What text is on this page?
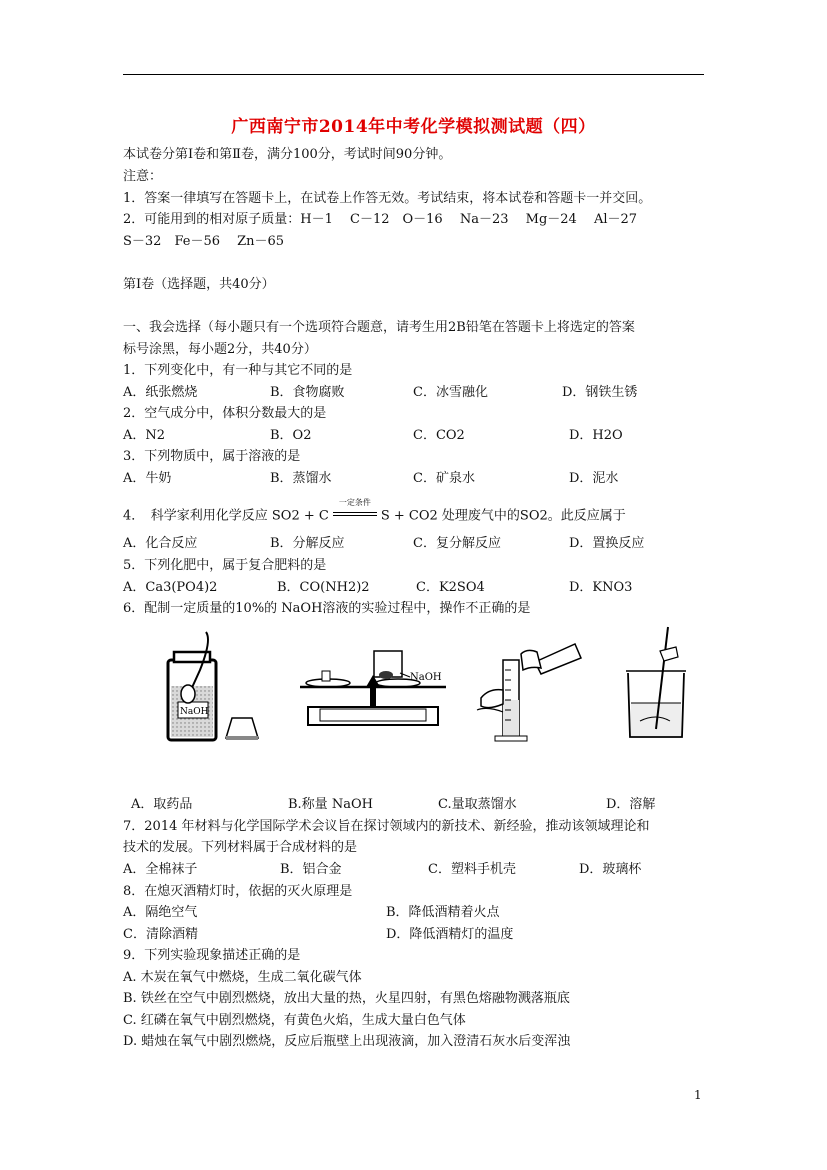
广西南宁市2014年中考化学模拟测试题（四）
本试卷分第Ⅰ卷和第Ⅱ卷，满分100分，考试时间90分钟。
注意：
1．答案一律填写在答题卡上，在试卷上作答无效。考试结束，将本试卷和答题卡一并交回。
2．可能用到的相对原子质量：H－1　 C－12　O－16　 Na－23　 Mg－24　 Al－27
S－32　Fe－56　 Zn－65
第Ⅰ卷（选择题，共40分）
一、我会选择（每小题只有一个选项符合题意，请考生用2B铅笔在答题卡上将选定的答案
标号涂黑，每小题2分，共40分）
1．下列变化中，有一种与其它不同的是
A．纸张燃烧	B．食物腐败	C．冰雪融化	D．钢铁生锈
2．空气成分中，体积分数最大的是
A．N2	B．O2	C．CO2	D．H2O
3．下列物质中，属于溶液的是
A．牛奶	B．蒸馏水	C．矿泉水	D．泥水
4．　科学家利用化学反应 SO2 + C
一定条件
S + CO2 处理废气中的SO2。此反应属于
A．化合反应	B．分解反应	C．复分解反应	D．置换反应
5．下列化肥中，属于复合肥料的是
A．Ca3(PO4)2	B．CO(NH2)2	C．K2SO4	D．KNO3
6．配制一定质量的10%的 NaOH溶液的实验过程中，操作不正确的是
NaOH
NaOH
A．取药品	B.称量 NaOH	C.量取蒸馏水	D．溶解
7．2014 年材料与化学国际学术会议旨在探讨领域内的新技术、新经验，推动该领域理论和
技术的发展。下列材料属于合成材料的是
A．全棉袜子	B．铝合金	C．塑料手机壳	D．玻璃杯
8．在熄灭酒精灯时，依据的灭火原理是
A．隔绝空气	B．降低酒精着火点
C．清除酒精	D．降低酒精灯的温度
9．下列实验现象描述正确的是
A. 木炭在氧气中燃烧，生成二氧化碳气体
B. 铁丝在空气中剧烈燃烧，放出大量的热，火星四射，有黑色熔融物溅落瓶底
C. 红磷在氧气中剧烈燃烧，有黄色火焰，生成大量白色气体
D. 蜡烛在氧气中剧烈燃烧，反应后瓶壁上出现液滴，加入澄清石灰水后变浑浊
1
